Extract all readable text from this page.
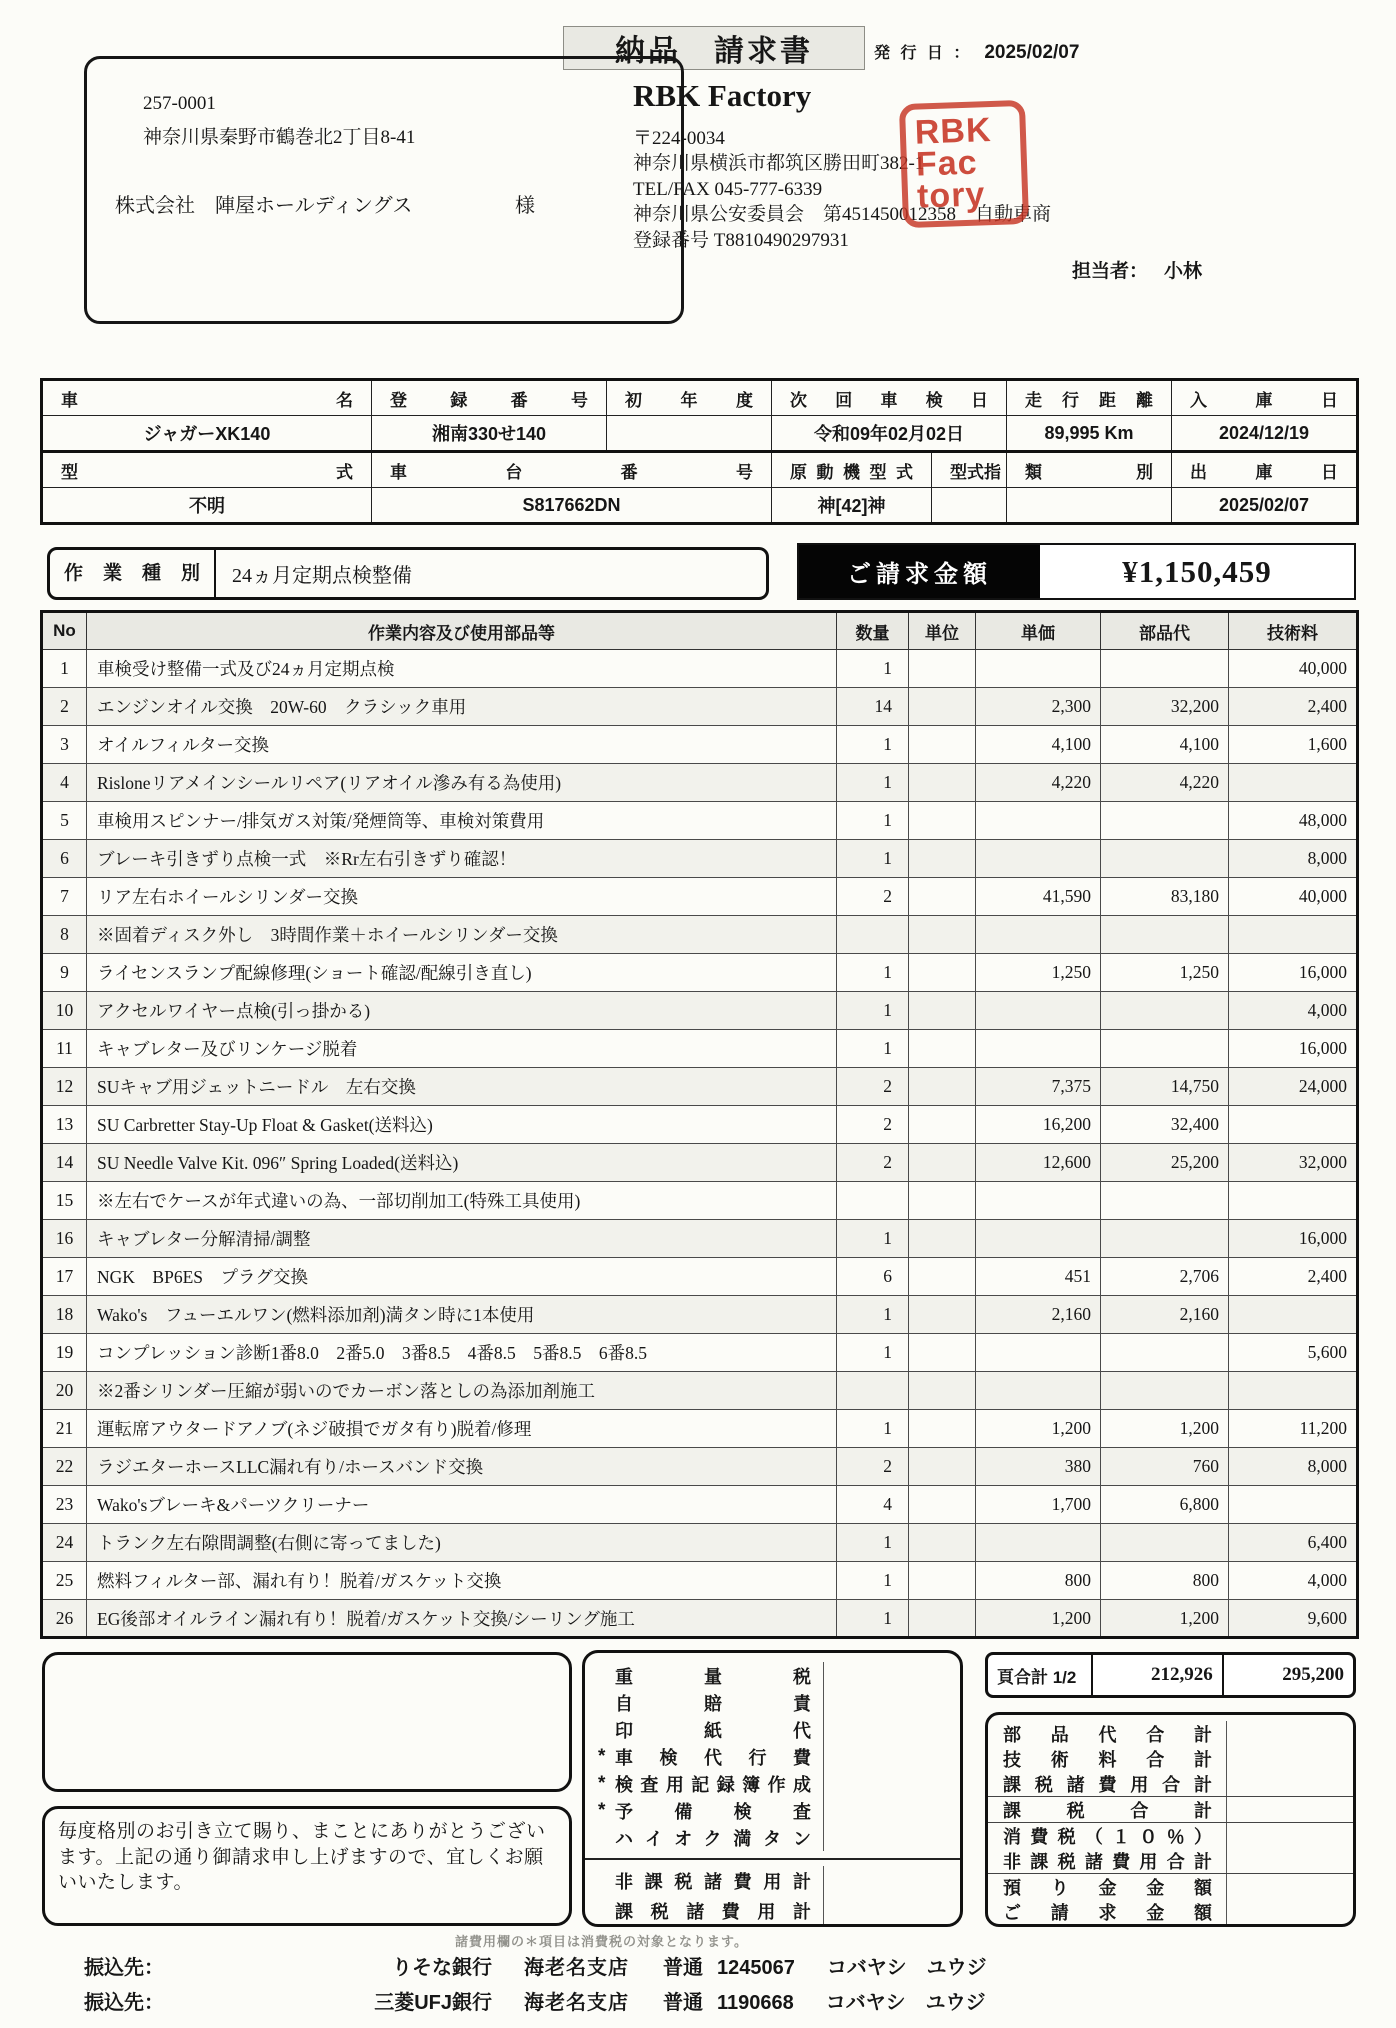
納品　請求書	発 行 日 ： 2025/02/07
257-0001
神奈川県秦野市鶴巻北2丁目8-41
株式会社　陣屋ホールディングス	様
RBK Factory
〒224-0034
神奈川県横浜市都筑区勝田町382-1
TEL/FAX 045-777-6339
神奈川県公安委員会　第451450012358　自動車商
登録番号 T8810490297931
RBK
Fac
tory
担当者： 小林
車名	登録番号	初年度	次回車検日		走行距離	入庫日
ジャガーXK140	湘南330せ140		令和09年02月02日		89,995 Km	2024/12/19
型式	車台番号		原動機型式	型式指	類別	出庫日
不明	S817662DN		神[42]神			2025/02/07
作業種別	24ヵ月定期点検整備	ご請求金額	¥1,150,459
No	作業内容及び使用部品等	数量	単位	単価	部品代	技術料
1	車検受け整備一式及び24ヵ月定期点検	1				40,000
2	エンジンオイル交換　20W-60　クラシック車用	14		2,300	32,200	2,400
3	オイルフィルター交換	1		4,100	4,100	1,600
4	Risloneリアメインシールリペア(リアオイル滲み有る為使用)	1		4,220	4,220	
5	車検用スピンナー/排気ガス対策/発煙筒等、車検対策費用	1				48,000
6	ブレーキ引きずり点検一式　※Rr左右引きずり確認！	1				8,000
7	リア左右ホイールシリンダー交換	2		41,590	83,180	40,000
8	※固着ディスク外し　3時間作業＋ホイールシリンダー交換					
9	ライセンスランプ配線修理(ショート確認/配線引き直し)	1		1,250	1,250	16,000
10	アクセルワイヤー点検(引っ掛かる)	1				4,000
11	キャブレター及びリンケージ脱着	1				16,000
12	SUキャブ用ジェットニードル　左右交換	2		7,375	14,750	24,000
13	SU Carbretter Stay-Up Float & Gasket(送料込)	2		16,200	32,400	
14	SU Needle Valve Kit. 096″ Spring Loaded(送料込)	2		12,600	25,200	32,000
15	※左右でケースが年式違いの為、一部切削加工(特殊工具使用)					
16	キャブレター分解清掃/調整	1				16,000
17	NGK　BP6ES　プラグ交換	6		451	2,706	2,400
18	Wako's　フューエルワン(燃料添加剤)満タン時に1本使用	1		2,160	2,160	
19	コンプレッション診断1番8.0　2番5.0　3番8.5　4番8.5　5番8.5　6番8.5	1				5,600
20	※2番シリンダー圧縮が弱いのでカーボン落としの為添加剤施工					
21	運転席アウタードアノブ(ネジ破損でガタ有り)脱着/修理	1		1,200	1,200	11,200
22	ラジエターホースLLC漏れ有り/ホースバンド交換	2		380	760	8,000
23	Wako'sブレーキ&パーツクリーナー	4		1,700	6,800	
24	トランク左右隙間調整(右側に寄ってました)	1				6,400
25	燃料フィルター部、漏れ有り！脱着/ガスケット交換	1		800	800	4,000
26	EG後部オイルライン漏れ有り！脱着/ガスケット交換/シーリング施工	1		1,200	1,200	9,600
毎度格別のお引き立て賜り、まことにありがとうございます。上記の通り御請求申し上げますので、宜しくお願いいたします。
重量税
自賠責
印紙代
* 車検代行費
* 検査用記録簿作成
* 予備検査
ハイオク満タン
非課税諸費用計
課税諸費用計
頁合計 1/2	212,926	295,200
部品代合計
技術料合計
課税諸費用合計
課税合計
消費税（１０％）
非課税諸費用合計
預り金金額
ご請求金額
諸費用欄の＊項目は消費税の対象となります。
振込先：	りそな銀行 海老名支店 普通 1245067 コバヤシ　ユウジ
振込先：	三菱UFJ銀行 海老名支店 普通 1190668 コバヤシ　ユウジ
